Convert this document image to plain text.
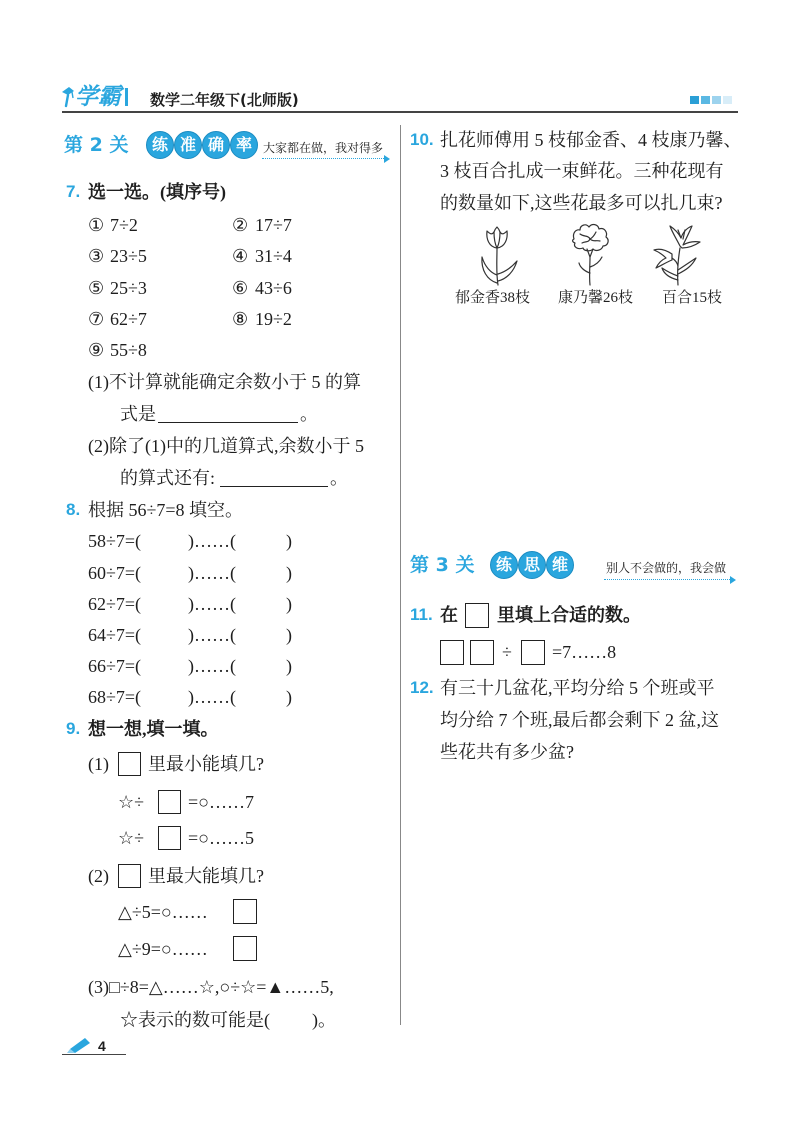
学霸 数学二年级下(北师版)
第 2 关	练 准 确 率 大家都在做，我对得多
7. 选一选。(填序号)
① 7÷2	② 17÷7
③ 23÷5	④ 31÷4
⑤ 25÷3	⑥ 43÷6
⑦ 62÷7	⑧ 19÷2
⑨ 55÷8
(1)不计算就能确定余数小于 5 的算
式是	。
(2)除了(1)中的几道算式,余数小于 5
的算式还有:	。
8. 根据 56÷7=8 填空。
58÷7=(	)……(	)
60÷7=(	)……(	)
62÷7=(	)……(	)
64÷7=(	)……(	)
66÷7=(	)……(	)
68÷7=(	)……(	)
9. 想一想,填一填。
(1) 里最小能填几?
☆÷ =○……7
☆÷ =○……5
(2) 里最大能填几?
△÷5=○……
△÷9=○……
(3)□÷8=△……☆,○÷☆=▲……5,
☆表示的数可能是( )。
4
10. 扎花师傅用 5 枝郁金香、4 枝康乃馨、
3 枝百合扎成一束鲜花。三种花现有
的数量如下,这些花最多可以扎几束?
郁金香38枝 康乃馨26枝 百合15枝
第 3 关	练 思 维	别人不会做的，我会做
11. 在 里填上合适的数。
÷ =7……8
12. 有三十几盆花,平均分给 5 个班或平
均分给 7 个班,最后都会剩下 2 盆,这
些花共有多少盆?
